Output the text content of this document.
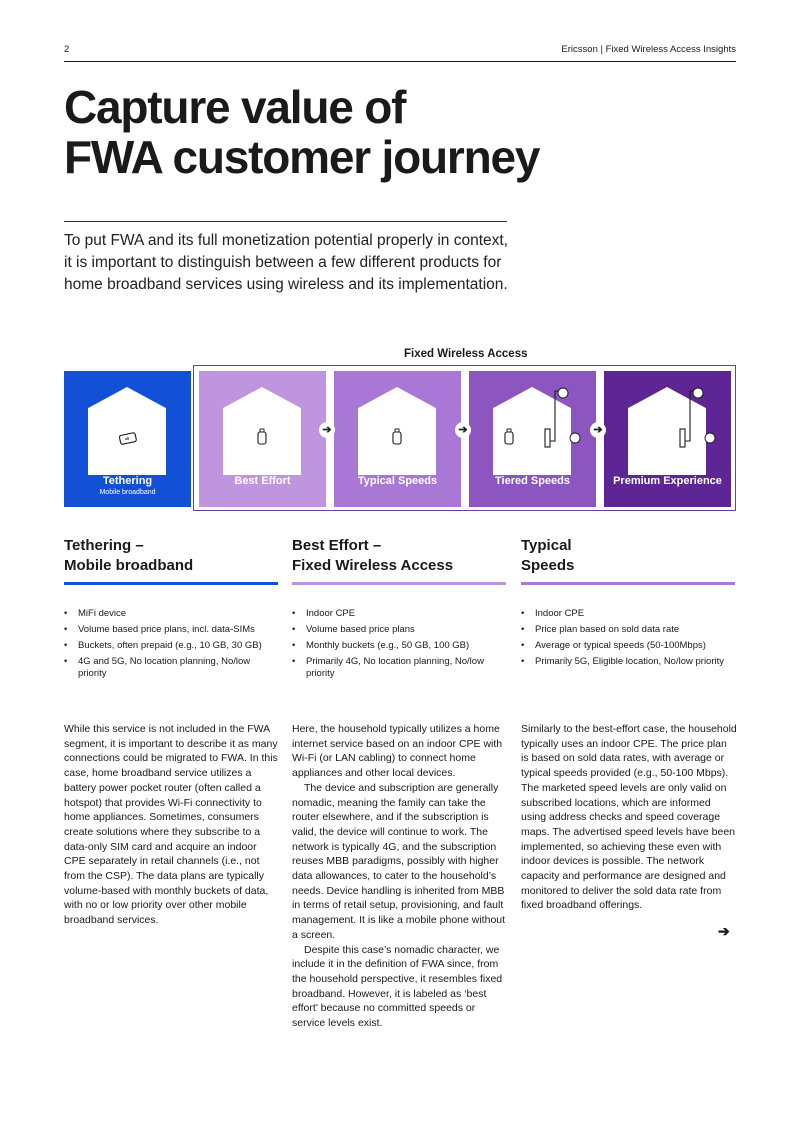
2	Ericsson | Fixed Wireless Access Insights
Capture value of
FWA customer journey

To put FWA and its full monetization potential properly in context, it is important to distinguish between a few different products for home broadband services using wireless and its implementation.

Fixed Wireless Access
Tethering
Mobile broadband
Best Effort	Typical Speeds	Tiered Speeds	Premium Experience
➔	➔	➔
Tethering –
Mobile broadband
• MiFi device
• Volume based price plans, incl. data-SIMs
• Buckets, often prepaid (e.g., 10 GB, 30 GB)
• 4G and 5G, No location planning, No/low priority

While this service is not included in the FWA segment, it is important to describe it as many connections could be migrated to FWA. In this case, home broadband service utilizes a battery power pocket router (often called a hotspot) that provides Wi-Fi connectivity to home appliances. Sometimes, consumers create solutions where they subscribe to a data-only SIM card and acquire an indoor CPE separately in retail channels (i.e., not from the CSP). The data plans are typically volume-based with monthly buckets of data, with no or low priority over other mobile broadband services.

Best Effort –
Fixed Wireless Access
• Indoor CPE
• Volume based price plans
• Monthly buckets (e.g., 50 GB, 100 GB)
• Primarily 4G, No location planning, No/low priority

Here, the household typically utilizes a home internet service based on an indoor CPE with Wi-Fi (or LAN cabling) to connect home appliances and other local devices.

The device and subscription are generally nomadic, meaning the family can take the router elsewhere, and if the subscription is valid, the device will continue to work. The network is typically 4G, and the subscription reuses MBB paradigms, possibly with higher data allowances, to cater to the household’s needs. Device handling is inherited from MBB in terms of retail setup, provisioning, and fault management. It is like a mobile phone without a screen.

Despite this case’s nomadic character, we include it in the definition of FWA since, from the household perspective, it resembles fixed broadband. However, it is labeled as ‘best effort’ because no committed speeds or service levels exist.

Typical
Speeds
• Indoor CPE
• Price plan based on sold data rate
• Average or typical speeds (50-100Mbps)
• Primarily 5G, Eligible location, No/low priority

Similarly to the best-effort case, the household typically uses an indoor CPE. The price plan is based on sold data rates, with average or typical speeds provided (e.g., 50-100 Mbps). The marketed speed levels are only valid on subscribed locations, which are informed using address checks and speed coverage maps. The advertised speed levels have been implemented, so achieving these even with indoor devices is possible. The network capacity and performance are designed and monitored to deliver the sold data rate from fixed broadband offerings.

➔
